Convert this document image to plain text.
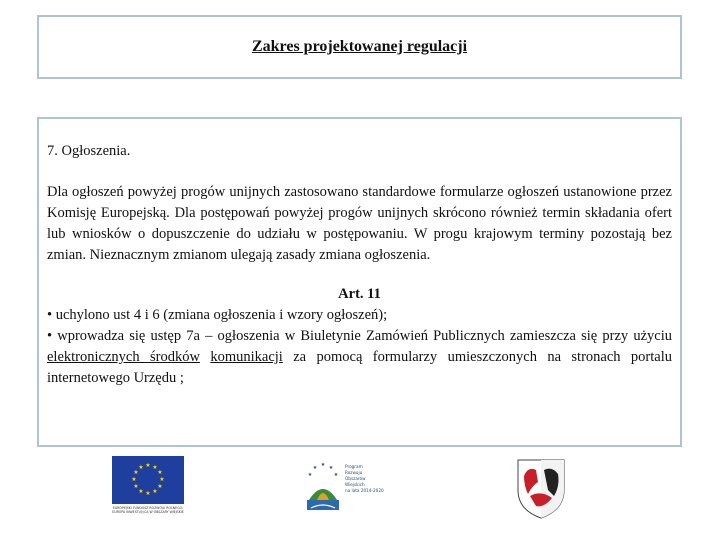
Zakres projektowanej regulacji

7. Ogłoszenia.

Dla ogłoszeń powyżej progów unijnych zastosowano standardowe formularze ogłoszeń ustanowione przez Komisję Europejską. Dla postępowań powyżej progów unijnych skrócono również termin składania ofert lub wniosków o dopuszczenie do udziału w postępowaniu. W progu krajowym terminy pozostają bez zmian. Nieznacznym zmianom ulegają zasady zmiana ogłoszenia.

Art. 11

• uchylono ust 4 i 6 (zmiana ogłoszenia i wzory ogłoszeń);

• wprowadza się ustęp 7a – ogłoszenia w Biuletynie Zamówień Publicznych zamieszcza się przy użyciu elektronicznych środków komunikacji za pomocą formularzy umieszczonych na stronach portalu internetowego Urzędu ;

★ ★
★
★
★
★
★
★
★
★
★
★
EUROPEJSKI FUNDUSZ ROZWOJU ROLNEGO: EUROPA INWESTUJĄCA W OBSZARY WIEJSKIE
★ ★
★
★
★
Program
Rozwoju
Obszarów
Wiejskich
na lata 2014-2020
